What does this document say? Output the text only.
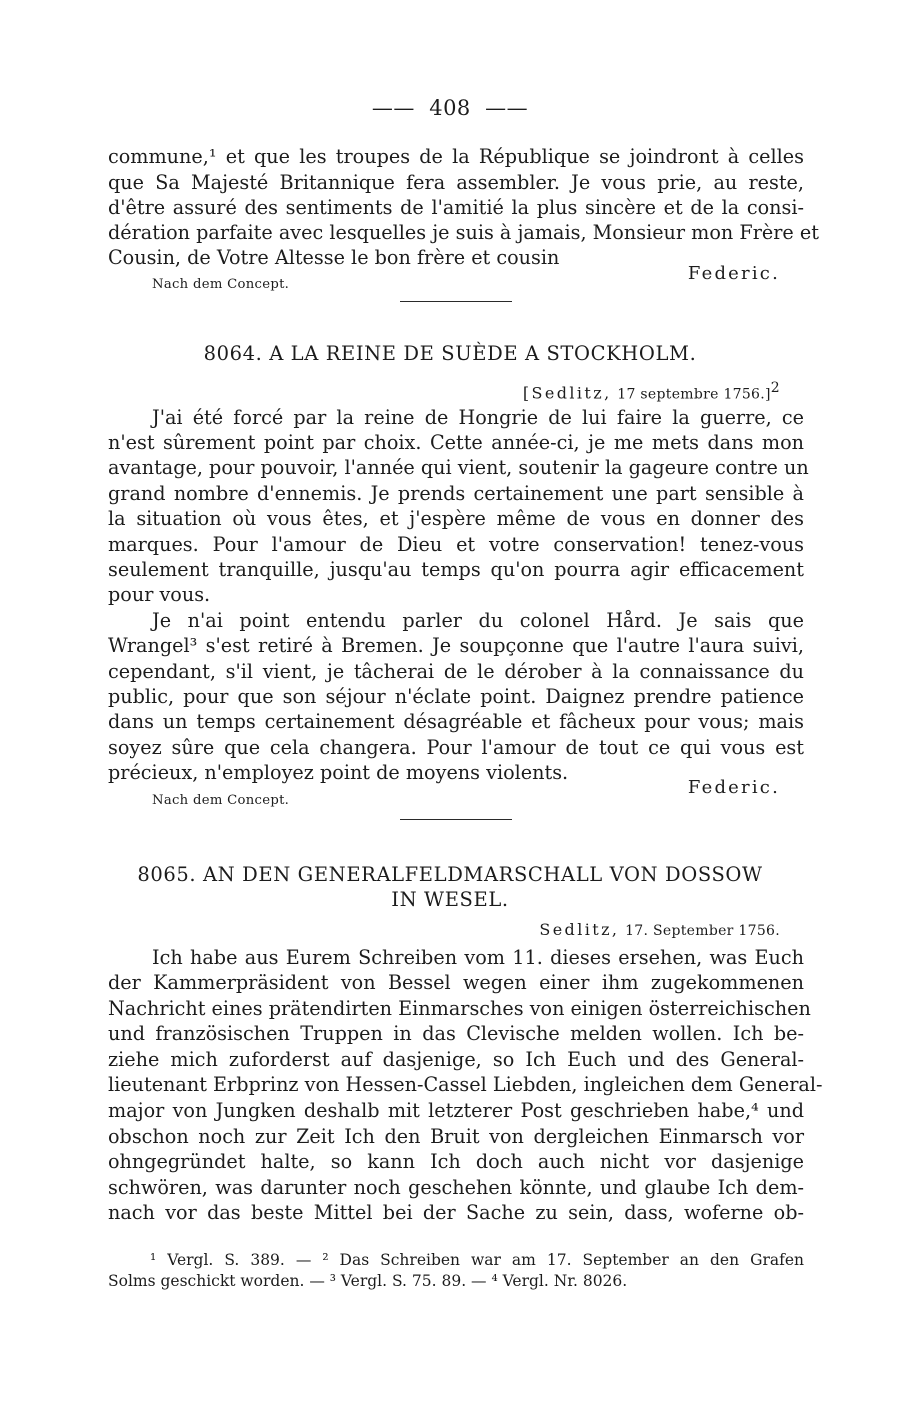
——  408  ——
commune,¹ et que les troupes de la République se joindront à celles
que Sa Majesté Britannique fera assembler. Je vous prie, au reste,
d'être assuré des sentiments de l'amitié la plus sincère et de la consi-
dération parfaite avec lesquelles je suis à jamais, Monsieur mon Frère et
Cousin, de Votre Altesse le bon frère et cousin
Federic.
Nach dem Concept.
8064. A LA REINE DE SUÈDE A STOCKHOLM.
[Sedlitz, 17 septembre 1756.]$^2$
J'ai été forcé par la reine de Hongrie de lui faire la guerre, ce
n'est sûrement point par choix. Cette année-ci, je me mets dans mon
avantage, pour pouvoir, l'année qui vient, soutenir la gageure contre un
grand nombre d'ennemis. Je prends certainement une part sensible à
la situation où vous êtes, et j'espère même de vous en donner des
marques. Pour l'amour de Dieu et votre conservation! tenez-vous
seulement tranquille, jusqu'au temps qu'on pourra agir efficacement
pour vous.
Je n'ai point entendu parler du colonel Hård. Je sais que
Wrangel³ s'est retiré à Bremen. Je soupçonne que l'autre l'aura suivi,
cependant, s'il vient, je tâcherai de le dérober à la connaissance du
public, pour que son séjour n'éclate point. Daignez prendre patience
dans un temps certainement désagréable et fâcheux pour vous; mais
soyez sûre que cela changera. Pour l'amour de tout ce qui vous est
précieux, n'employez point de moyens violents.
Federic.
Nach dem Concept.
8065. AN DEN GENERALFELDMARSCHALL VON DOSSOW
IN WESEL.
Sedlitz, 17. September 1756.
Ich habe aus Eurem Schreiben vom 11. dieses ersehen, was Euch
der Kammerpräsident von Bessel wegen einer ihm zugekommenen
Nachricht eines prätendirten Einmarsches von einigen österreichischen
und französischen Truppen in das Clevische melden wollen. Ich be-
ziehe mich zuforderst auf dasjenige, so Ich Euch und des General-
lieutenant Erbprinz von Hessen-Cassel Liebden, ingleichen dem General-
major von Jungken deshalb mit letzterer Post geschrieben habe,⁴ und
obschon noch zur Zeit Ich den Bruit von dergleichen Einmarsch vor
ohngegründet halte, so kann Ich doch auch nicht vor dasjenige
schwören, was darunter noch geschehen könnte, und glaube Ich dem-
nach vor das beste Mittel bei der Sache zu sein, dass, woferne ob-
¹ Vergl. S. 389. — ² Das Schreiben war am 17. September an den Grafen
Solms geschickt worden. — ³ Vergl. S. 75. 89. — ⁴ Vergl. Nr. 8026.
